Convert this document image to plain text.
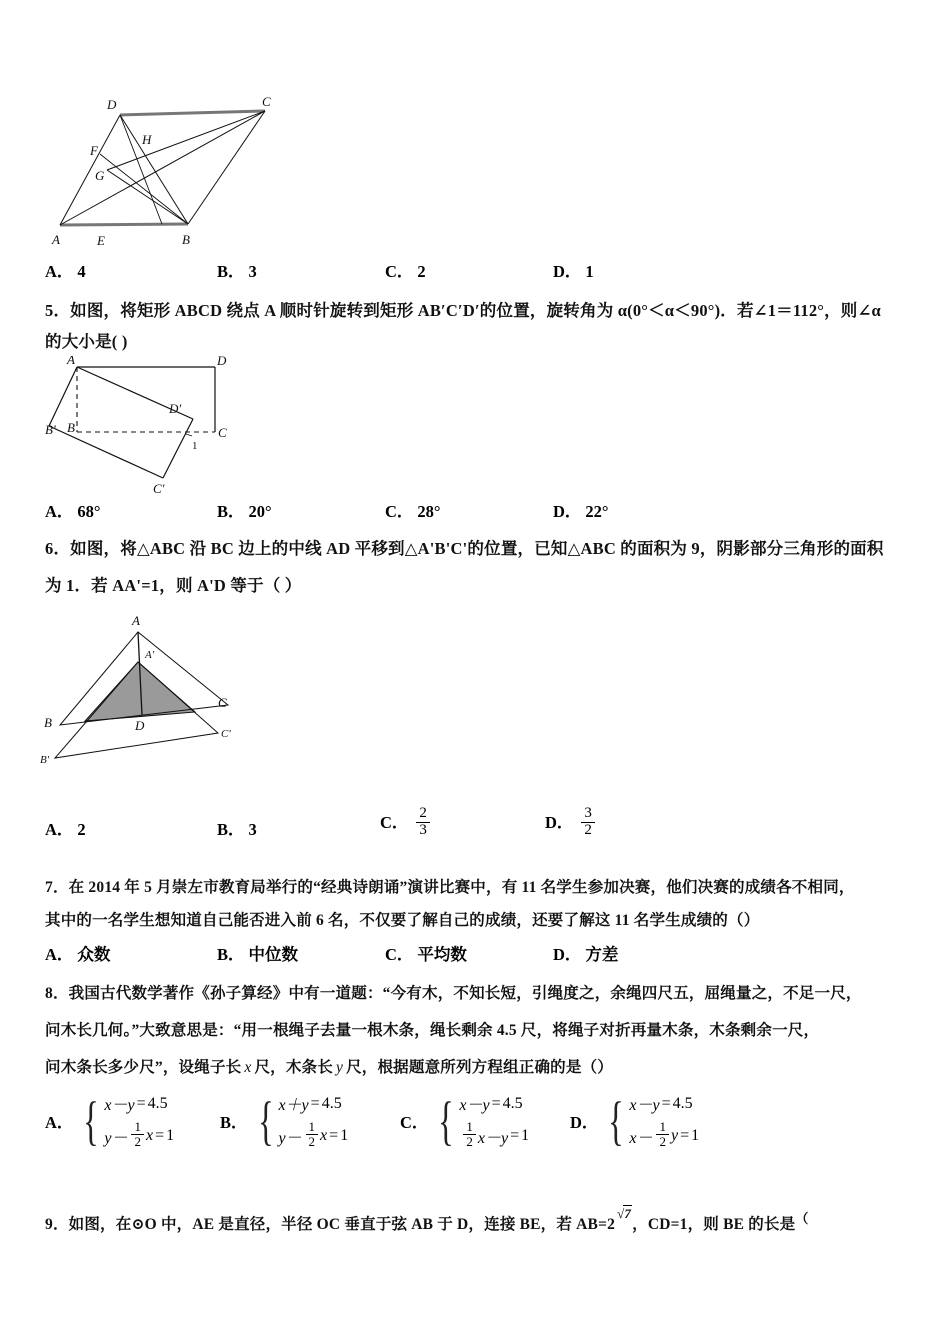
D	C
F
H
G
A	E	B
A． 4	B． 3	C． 2	D． 1
5．如图，将矩形 ABCD 绕点 A 顺时针旋转到矩形 AB′C′D′的位置，旋转角为 α(0°＜α＜90°)．若∠1＝112°，则∠α
的大小是( )
A	D
D′
B′ B	C
1
C′
A． 68°	B． 20°	C． 28°	D． 22°
6．如图，将△ABC 沿 BC 边上的中线 AD 平移到△A'B'C'的位置，已知△ABC 的面积为 9，阴影部分三角形的面积
为 1．若 AA'=1，则 A'D 等于（ ）
A
A'
C
B	D
C'
B'
A． 2	B． 3	C． $\frac{2}{3}$	D． $\frac{3}{2}$
7．在 2014 年 5 月崇左市教育局举行的“经典诗朗诵”演讲比赛中，有 11 名学生参加决赛，他们决赛的成绩各不相同，
其中的一名学生想知道自己能否进入前 6 名，不仅要了解自己的成绩，还要了解这 11 名学生成绩的（）
A． 众数	B． 中位数	C． 平均数	D． 方差
8．我国古代数学著作《孙子算经》中有一道题：“今有木，不知长短，引绳度之，余绳四尺五，屈绳量之，不足一尺，
问木长几何。”大致意思是：“用一根绳子去量一根木条，绳长剩余 4.5 尺，将绳子对折再量木条，木条剩余一尺，
问木条长多少尺”，设绳子长 x 尺，木条长 y 尺，根据题意所列方程组正确的是（）
A． { x－y = 4.5
$y- \frac{1}{2}$ x = 1
B． { x＋y = 4.5
$y- \frac{1}{2}$ x = 1
C． { x－y = 4.5
$\frac{1}{2} x-y = 1$
D． { x－y = 4.5
$x- \frac{1}{2}$ y = 1
9．如图，在⊙O 中，AE 是直径，半径 OC 垂直于弦 AB 于 D，连接 BE，若 AB=2√7，CD=1，则 BE 的长是（
